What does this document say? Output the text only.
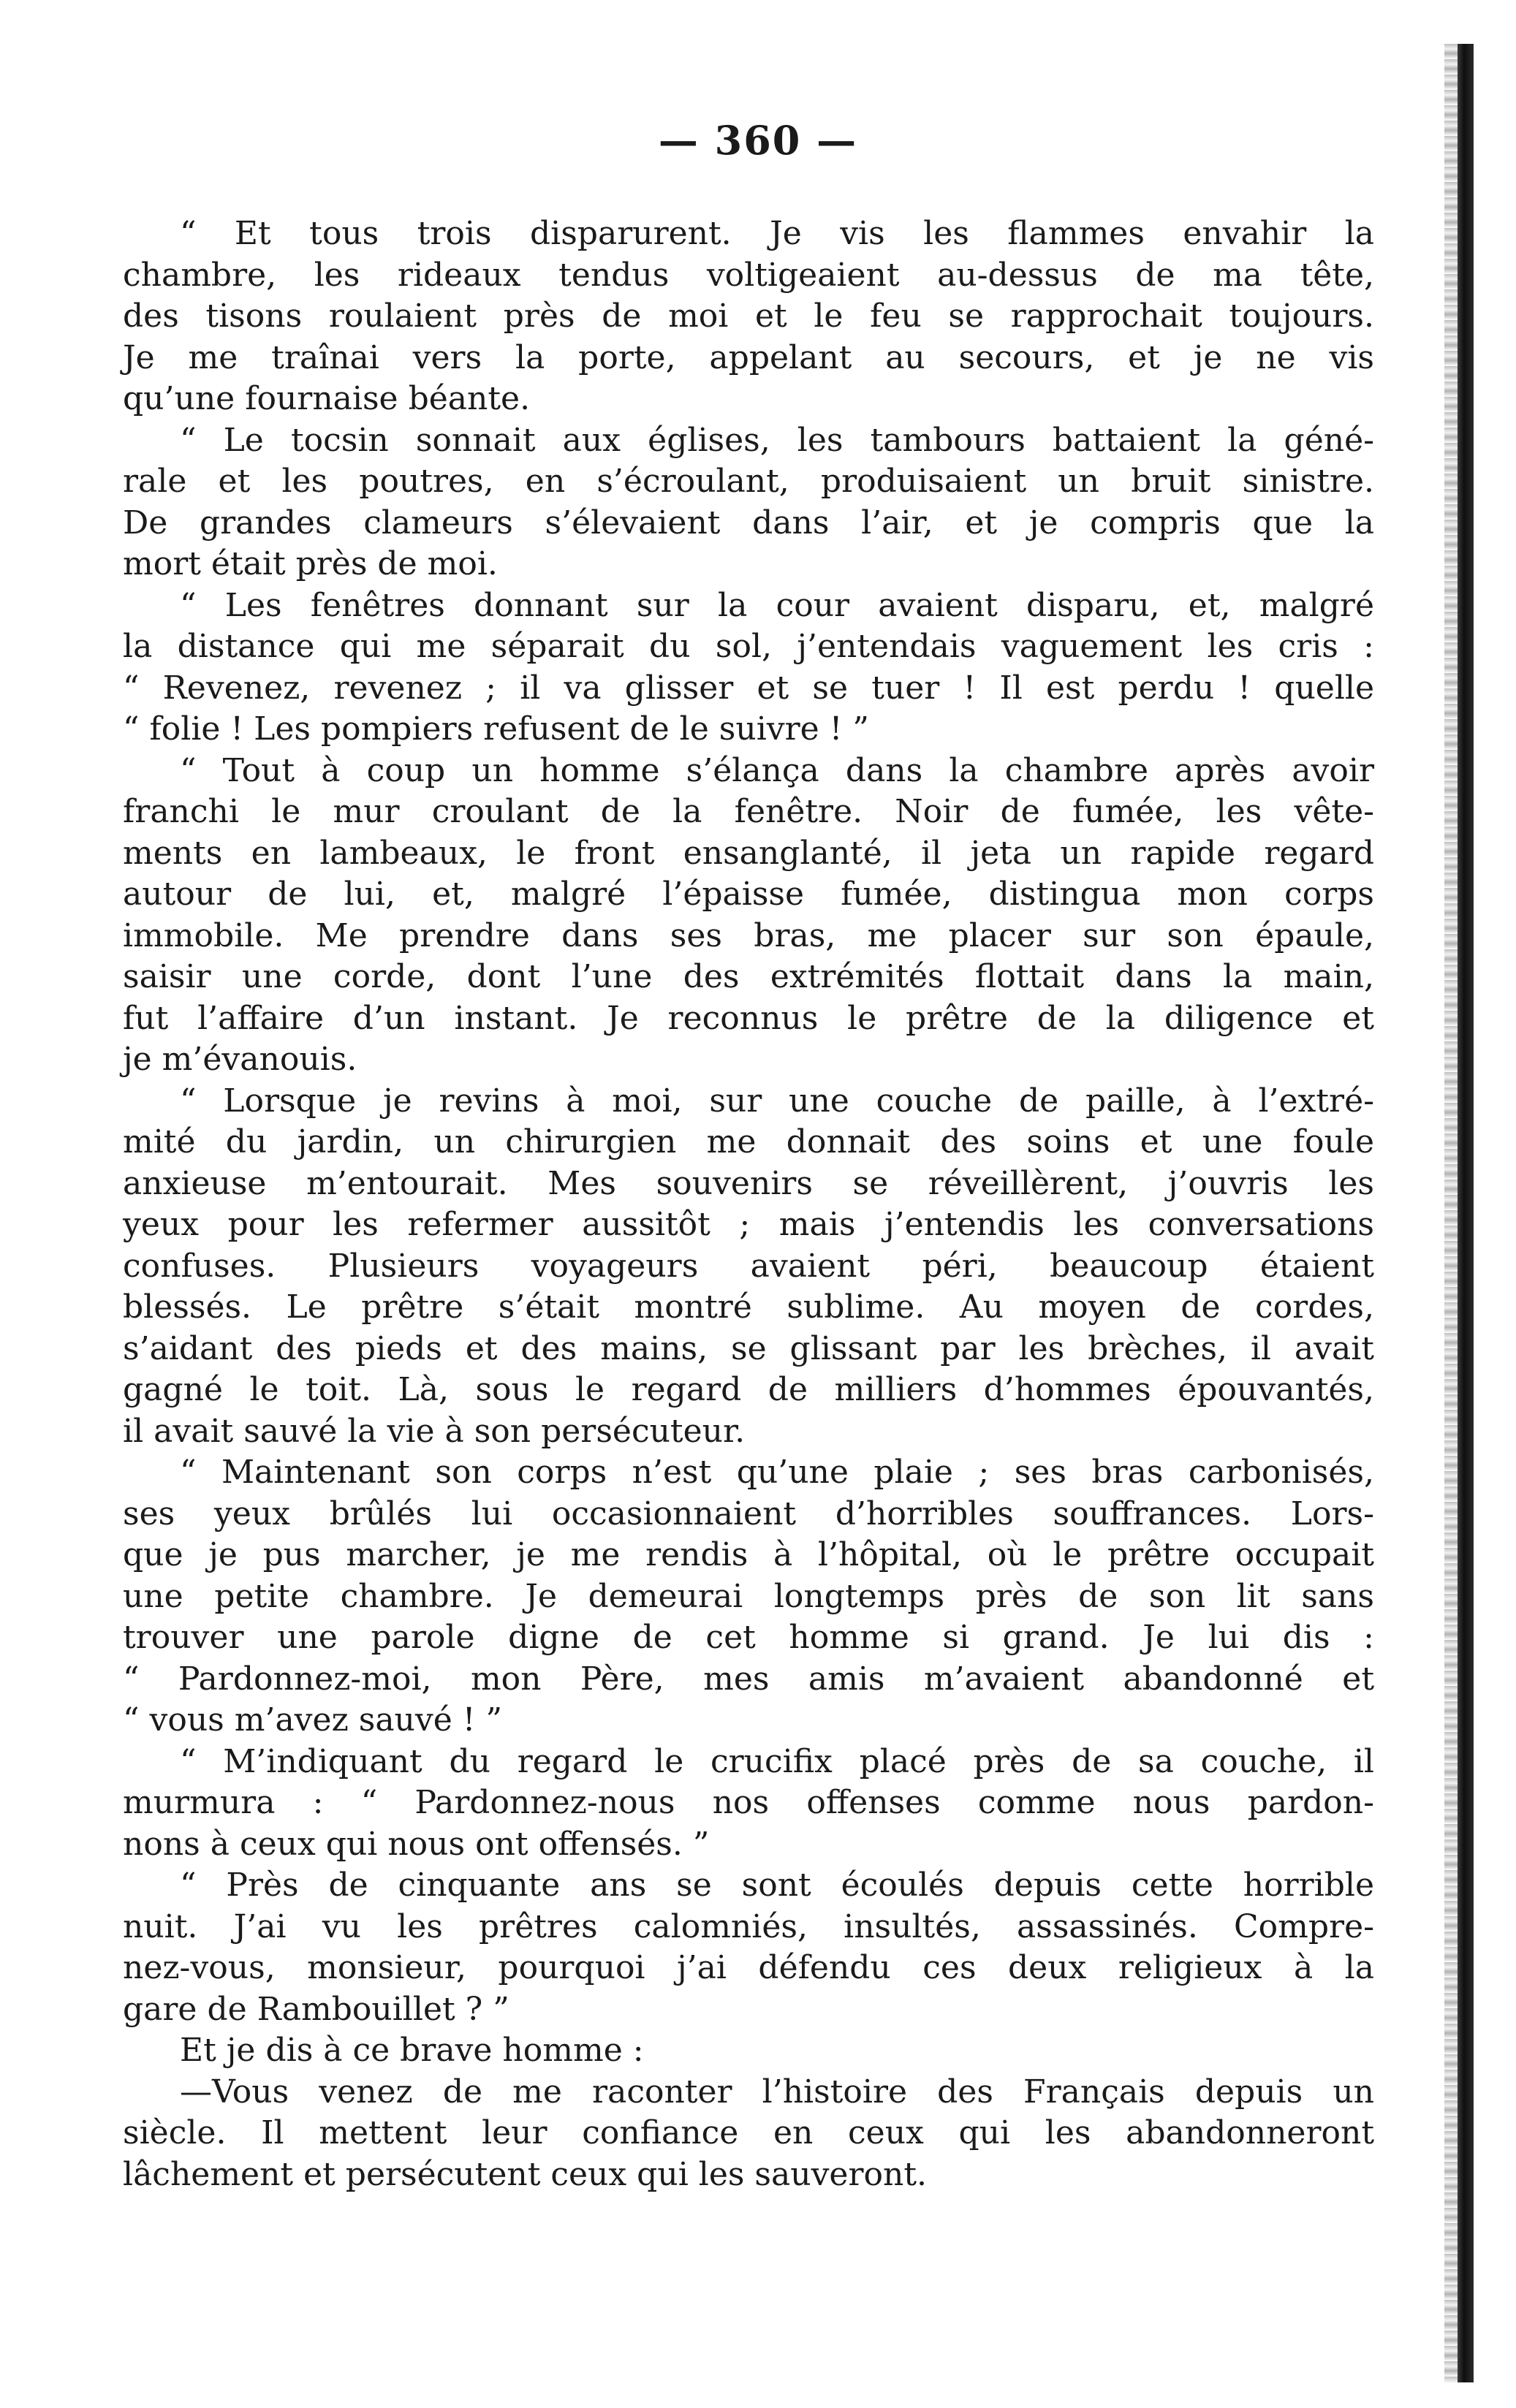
— 360 —
“ Et tous trois disparurent. Je vis les flammes envahir la
chambre, les rideaux tendus voltigeaient au-dessus de ma tête,
des tisons roulaient près de moi et le feu se rapprochait toujours.
Je me traînai vers la porte, appelant au secours, et je ne vis
qu’une fournaise béante.
“ Le tocsin sonnait aux églises, les tambours battaient la géné-
rale et les poutres, en s’écroulant, produisaient un bruit sinistre.
De grandes clameurs s’élevaient dans l’air, et je compris que la
mort était près de moi.
“ Les fenêtres donnant sur la cour avaient disparu, et, malgré
la distance qui me séparait du sol, j’entendais vaguement les cris :
“ Revenez, revenez ; il va glisser et se tuer ! Il est perdu ! quelle
“ folie ! Les pompiers refusent de le suivre ! ”
“ Tout à coup un homme s’élança dans la chambre après avoir
franchi le mur croulant de la fenêtre. Noir de fumée, les vête-
ments en lambeaux, le front ensanglanté, il jeta un rapide regard
autour de lui, et, malgré l’épaisse fumée, distingua mon corps
immobile. Me prendre dans ses bras, me placer sur son épaule,
saisir une corde, dont l’une des extrémités flottait dans la main,
fut l’affaire d’un instant. Je reconnus le prêtre de la diligence et
je m’évanouis.
“ Lorsque je revins à moi, sur une couche de paille, à l’extré-
mité du jardin, un chirurgien me donnait des soins et une foule
anxieuse m’entourait. Mes souvenirs se réveillèrent, j’ouvris les
yeux pour les refermer aussitôt ; mais j’entendis les conversations
confuses. Plusieurs voyageurs avaient péri, beaucoup étaient
blessés. Le prêtre s’était montré sublime. Au moyen de cordes,
s’aidant des pieds et des mains, se glissant par les brèches, il avait
gagné le toit. Là, sous le regard de milliers d’hommes épouvantés,
il avait sauvé la vie à son persécuteur.
“ Maintenant son corps n’est qu’une plaie ; ses bras carbonisés,
ses yeux brûlés lui occasionnaient d’horribles souffrances. Lors-
que je pus marcher, je me rendis à l’hôpital, où le prêtre occupait
une petite chambre. Je demeurai longtemps près de son lit sans
trouver une parole digne de cet homme si grand. Je lui dis :
“ Pardonnez-moi, mon Père, mes amis m’avaient abandonné et
“ vous m’avez sauvé ! ”
“ M’indiquant du regard le crucifix placé près de sa couche, il
murmura : “ Pardonnez-nous nos offenses comme nous pardon-
nons à ceux qui nous ont offensés. ”
“ Près de cinquante ans se sont écoulés depuis cette horrible
nuit. J’ai vu les prêtres calomniés, insultés, assassinés. Compre-
nez-vous, monsieur, pourquoi j’ai défendu ces deux religieux à la
gare de Rambouillet ? ”
Et je dis à ce brave homme :
—Vous venez de me raconter l’histoire des Français depuis un
siècle. Il mettent leur confiance en ceux qui les abandonneront
lâchement et persécutent ceux qui les sauveront.
